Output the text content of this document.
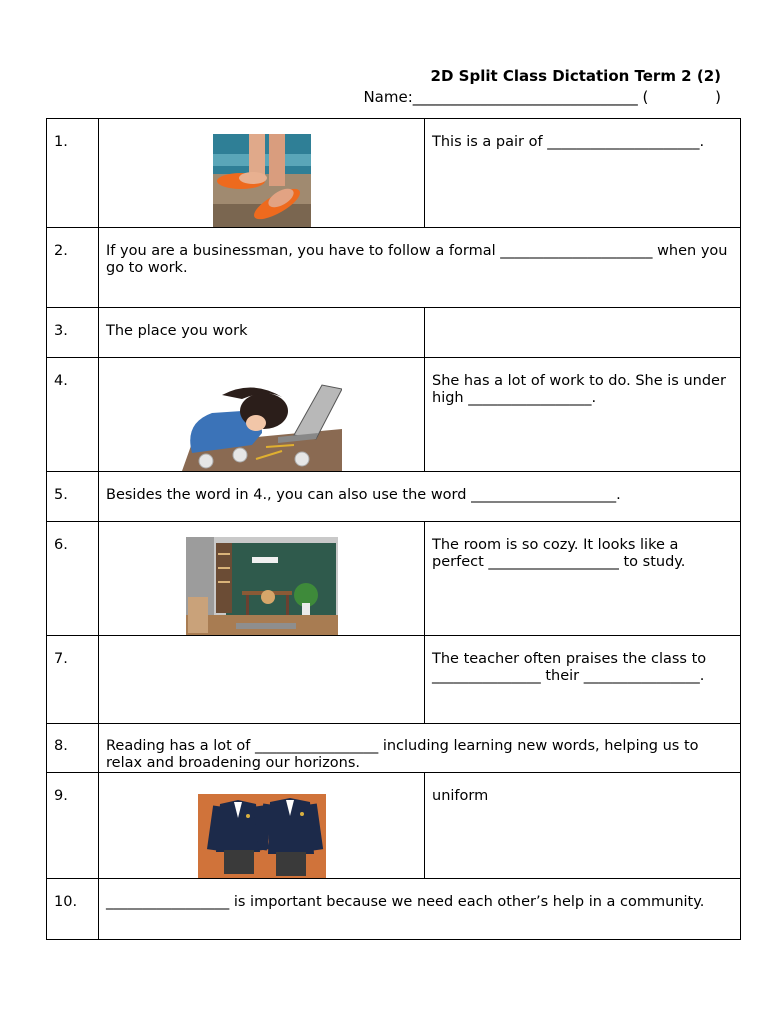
2D Split Class Dictation Term 2 (2)
Name:______________________________ (              )
1.		This is a pair of _____________________.
2.	If you are a businessman, you have to follow a formal _____________________ when you go to work.	
3.	The place you work	
4.		She has a lot of work to do. She is under high _________________.
5.	Besides the word in 4., you can also use the word ____________________.	
6.		The room is so cozy. It looks like a perfect __________________ to study.
7.		The teacher often praises the class to _______________ their ________________.
8.	Reading has a lot of _________________ including learning new words, helping us to relax and broadening our horizons.	
9.		uniform
10.	_________________ is important because we need each other’s help in a community.	
